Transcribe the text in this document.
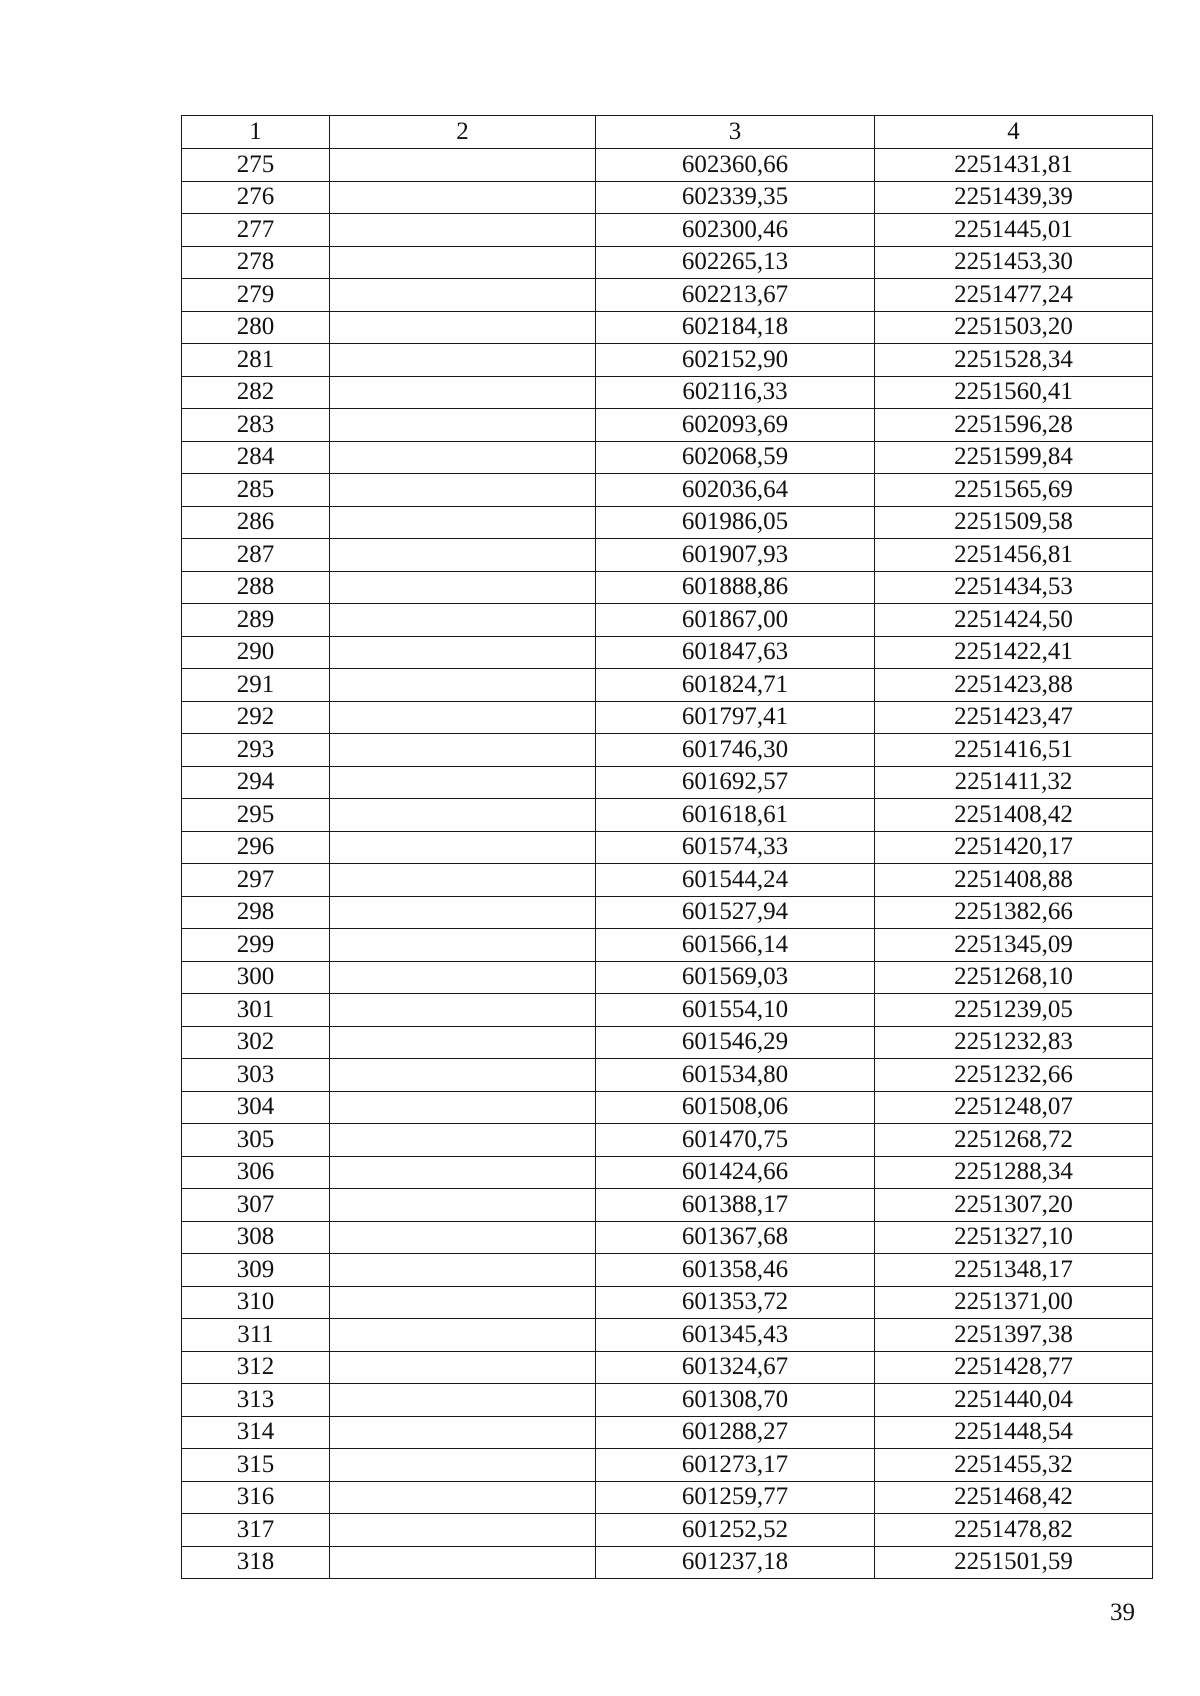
1	2	3	4
275		602360,66	2251431,81
276		602339,35	2251439,39
277		602300,46	2251445,01
278		602265,13	2251453,30
279		602213,67	2251477,24
280		602184,18	2251503,20
281		602152,90	2251528,34
282		602116,33	2251560,41
283		602093,69	2251596,28
284		602068,59	2251599,84
285		602036,64	2251565,69
286		601986,05	2251509,58
287		601907,93	2251456,81
288		601888,86	2251434,53
289		601867,00	2251424,50
290		601847,63	2251422,41
291		601824,71	2251423,88
292		601797,41	2251423,47
293		601746,30	2251416,51
294		601692,57	2251411,32
295		601618,61	2251408,42
296		601574,33	2251420,17
297		601544,24	2251408,88
298		601527,94	2251382,66
299		601566,14	2251345,09
300		601569,03	2251268,10
301		601554,10	2251239,05
302		601546,29	2251232,83
303		601534,80	2251232,66
304		601508,06	2251248,07
305		601470,75	2251268,72
306		601424,66	2251288,34
307		601388,17	2251307,20
308		601367,68	2251327,10
309		601358,46	2251348,17
310		601353,72	2251371,00
311		601345,43	2251397,38
312		601324,67	2251428,77
313		601308,70	2251440,04
314		601288,27	2251448,54
315		601273,17	2251455,32
316		601259,77	2251468,42
317		601252,52	2251478,82
318		601237,18	2251501,59
39
